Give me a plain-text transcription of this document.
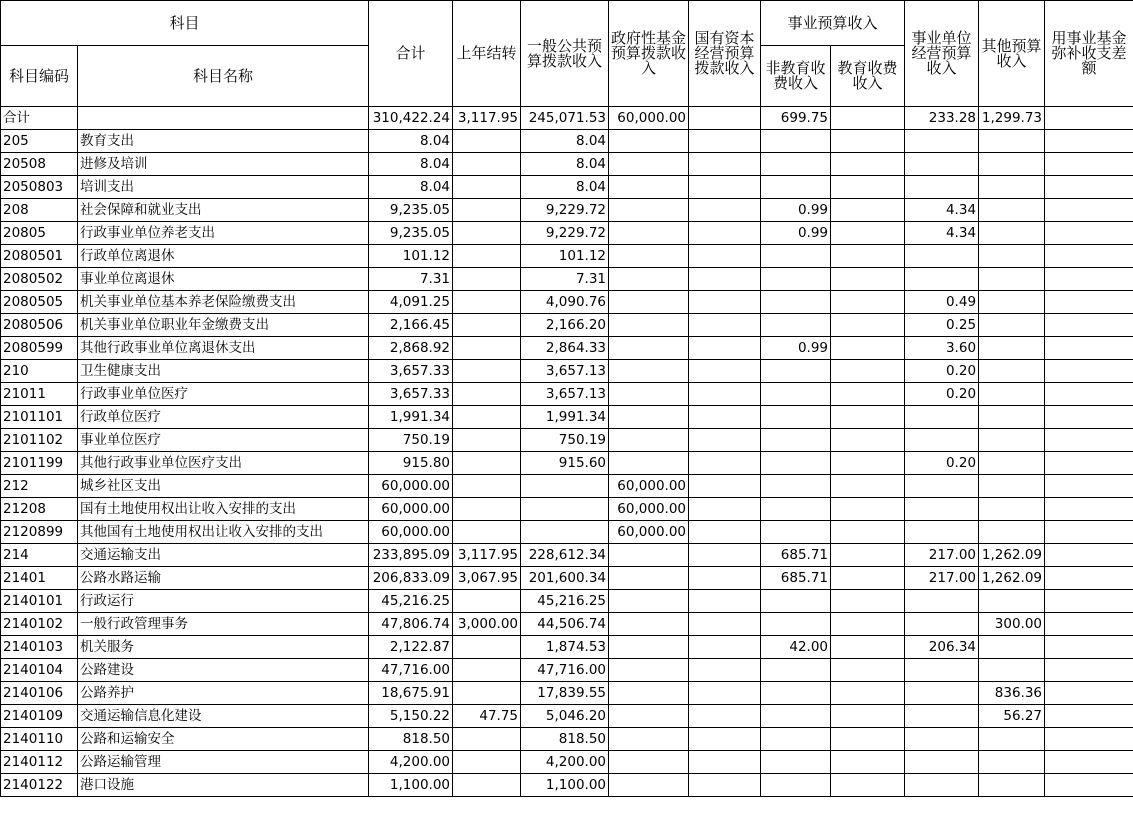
科目		合计	上年结转	一般公共预算拨款收入	政府性基金预算拨款收入	国有资本经营预算拨款收入	事业预算收入		事业单位经营预算收入	其他预算收入	用事业基金弥补收支差额
科目编码	科目名称						非教育收费收入	教育收费收入			
合计		310,422.24	3,117.95	245,071.53	60,000.00		699.75		233.28	1,299.73	
205	教育支出	8.04		8.04							
20508	进修及培训	8.04		8.04							
2050803	培训支出	8.04		8.04							
208	社会保障和就业支出	9,235.05		9,229.72			0.99		4.34		
20805	行政事业单位养老支出	9,235.05		9,229.72			0.99		4.34		
2080501	行政单位离退休	101.12		101.12							
2080502	事业单位离退休	7.31		7.31							
2080505	机关事业单位基本养老保险缴费支出	4,091.25		4,090.76					0.49		
2080506	机关事业单位职业年金缴费支出	2,166.45		2,166.20					0.25		
2080599	其他行政事业单位离退休支出	2,868.92		2,864.33			0.99		3.60		
210	卫生健康支出	3,657.33		3,657.13					0.20		
21011	行政事业单位医疗	3,657.33		3,657.13					0.20		
2101101	行政单位医疗	1,991.34		1,991.34							
2101102	事业单位医疗	750.19		750.19							
2101199	其他行政事业单位医疗支出	915.80		915.60					0.20		
212	城乡社区支出	60,000.00			60,000.00						
21208	国有土地使用权出让收入安排的支出	60,000.00			60,000.00						
2120899	其他国有土地使用权出让收入安排的支出	60,000.00			60,000.00						
214	交通运输支出	233,895.09	3,117.95	228,612.34			685.71		217.00	1,262.09	
21401	公路水路运输	206,833.09	3,067.95	201,600.34			685.71		217.00	1,262.09	
2140101	行政运行	45,216.25		45,216.25							
2140102	一般行政管理事务	47,806.74	3,000.00	44,506.74						300.00	
2140103	机关服务	2,122.87		1,874.53			42.00		206.34		
2140104	公路建设	47,716.00		47,716.00							
2140106	公路养护	18,675.91		17,839.55						836.36	
2140109	交通运输信息化建设	5,150.22	47.75	5,046.20						56.27	
2140110	公路和运输安全	818.50		818.50							
2140112	公路运输管理	4,200.00		4,200.00							
2140122	港口设施	1,100.00		1,100.00							
